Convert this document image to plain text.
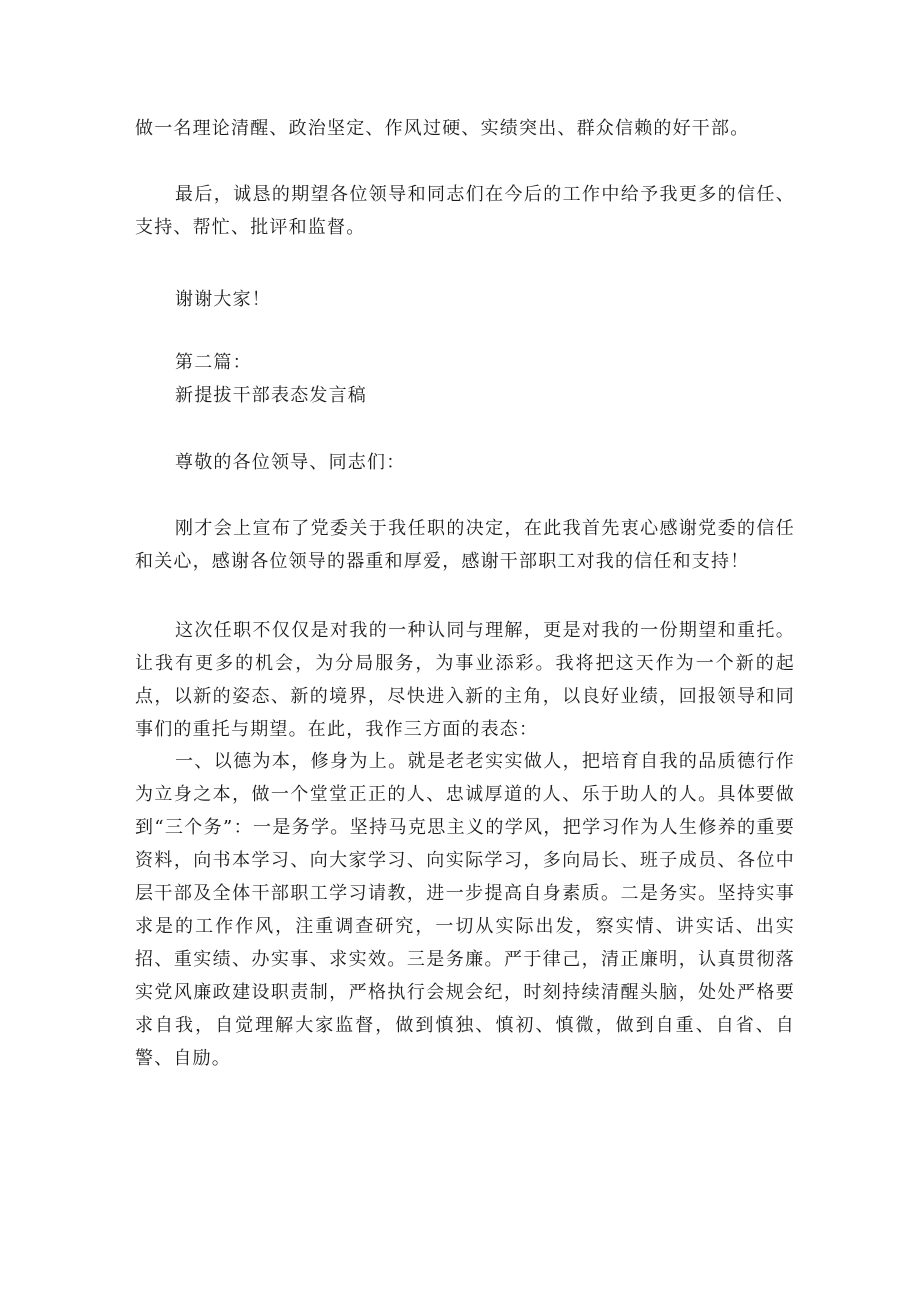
做一名理论清醒、政治坚定、作风过硬、实绩突出、群众信赖的好干部。

最后，诚恳的期望各位领导和同志们在今后的工作中给予我更多的信任、支持、帮忙、批评和监督。

谢谢大家！

第二篇：

新提拔干部表态发言稿

尊敬的各位领导、同志们：

刚才会上宣布了党委关于我任职的决定，在此我首先衷心感谢党委的信任和关心，感谢各位领导的器重和厚爱，感谢干部职工对我的信任和支持！

这次任职不仅仅是对我的一种认同与理解，更是对我的一份期望和重托。让我有更多的机会，为分局服务，为事业添彩。我将把这天作为一个新的起点，以新的姿态、新的境界，尽快进入新的主角，以良好业绩，回报领导和同事们的重托与期望。在此，我作三方面的表态：

一、以德为本，修身为上。就是老老实实做人，把培育自我的品质德行作为立身之本，做一个堂堂正正的人、忠诚厚道的人、乐于助人的人。具体要做到“三个务”：一是务学。坚持马克思主义的学风，把学习作为人生修养的重要资料，向书本学习、向大家学习、向实际学习，多向局长、班子成员、各位中层干部及全体干部职工学习请教，进一步提高自身素质。二是务实。坚持实事求是的工作作风，注重调查研究，一切从实际出发，察实情、讲实话、出实招、重实绩、办实事、求实效。三是务廉。严于律己，清正廉明，认真贯彻落实党风廉政建设职责制，严格执行会规会纪，时刻持续清醒头脑，处处严格要求自我，自觉理解大家监督，做到慎独、慎初、慎微，做到自重、自省、自警、自励。
